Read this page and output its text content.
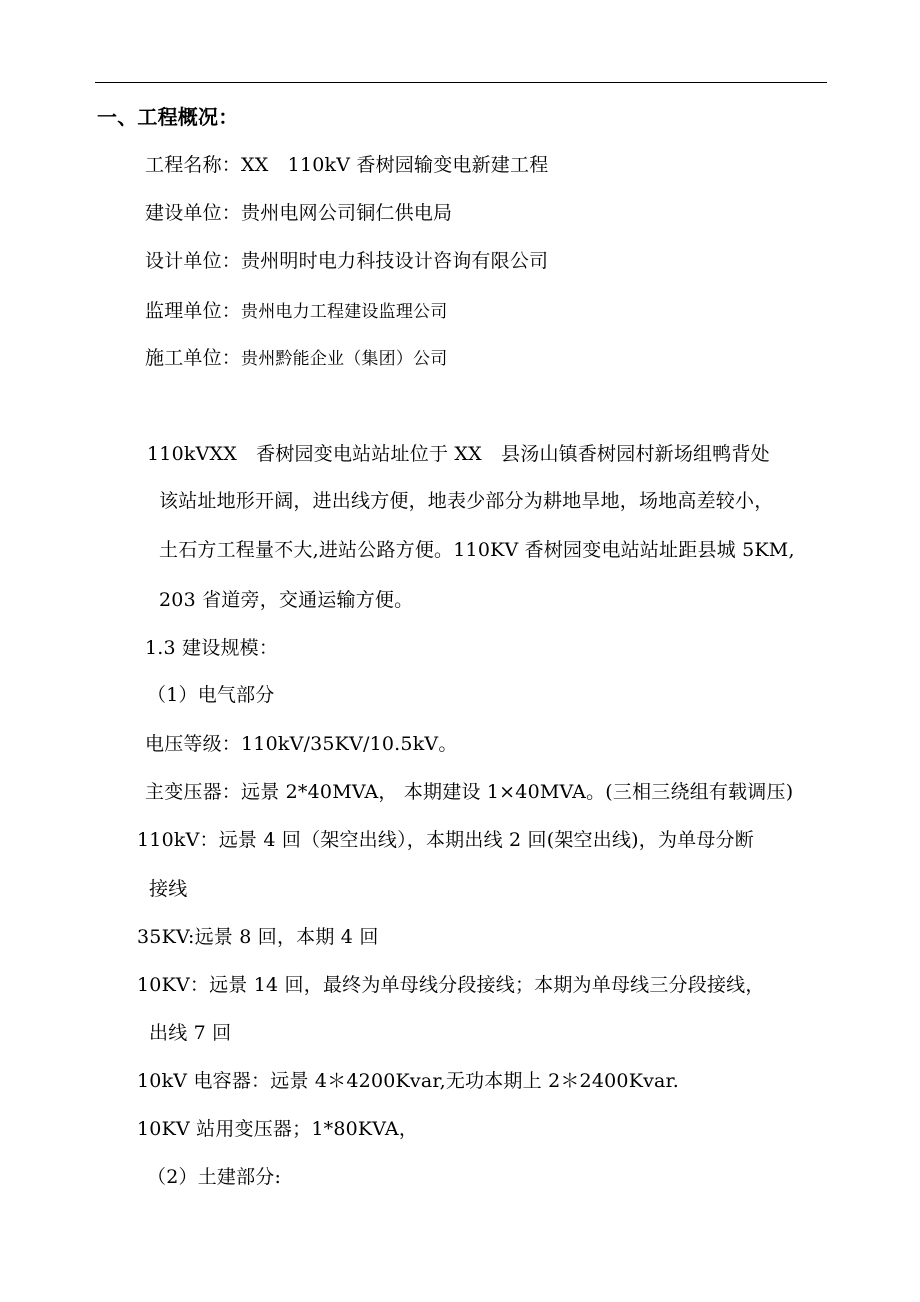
一、工程概况：
工程名称：XX　110kV 香树园输变电新建工程
建设单位：贵州电网公司铜仁供电局
设计单位：贵州明时电力科技设计咨询有限公司
监理单位：贵州电力工程建设监理公司
施工单位：贵州黔能企业（集团）公司
110kVXX　香树园变电站站址位于 XX　县汤山镇香树园村新场组鸭背处
该站址地形开阔，进出线方便，地表少部分为耕地旱地，场地高差较小，
土石方工程量不大,进站公路方便。110KV 香树园变电站站址距县城 5KM,
203 省道旁，交通运输方便。
1.3 建设规模：
（1）电气部分
电压等级：110kV/35KV/10.5kV。
主变压器：远景 2*40MVA， 本期建设 1×40MVA。(三相三绕组有载调压)
110kV：远景 4 回（架空出线），本期出线 2 回(架空出线)，为单母分断
接线
35KV:远景 8 回，本期 4 回
10KV：远景 14 回，最终为单母线分段接线；本期为单母线三分段接线，
出线 7 回
10kV 电容器：远景 4＊4200Kvar,无功本期上 2＊2400Kvar.
10KV 站用变压器；1*80KVA，
（2）土建部分:
